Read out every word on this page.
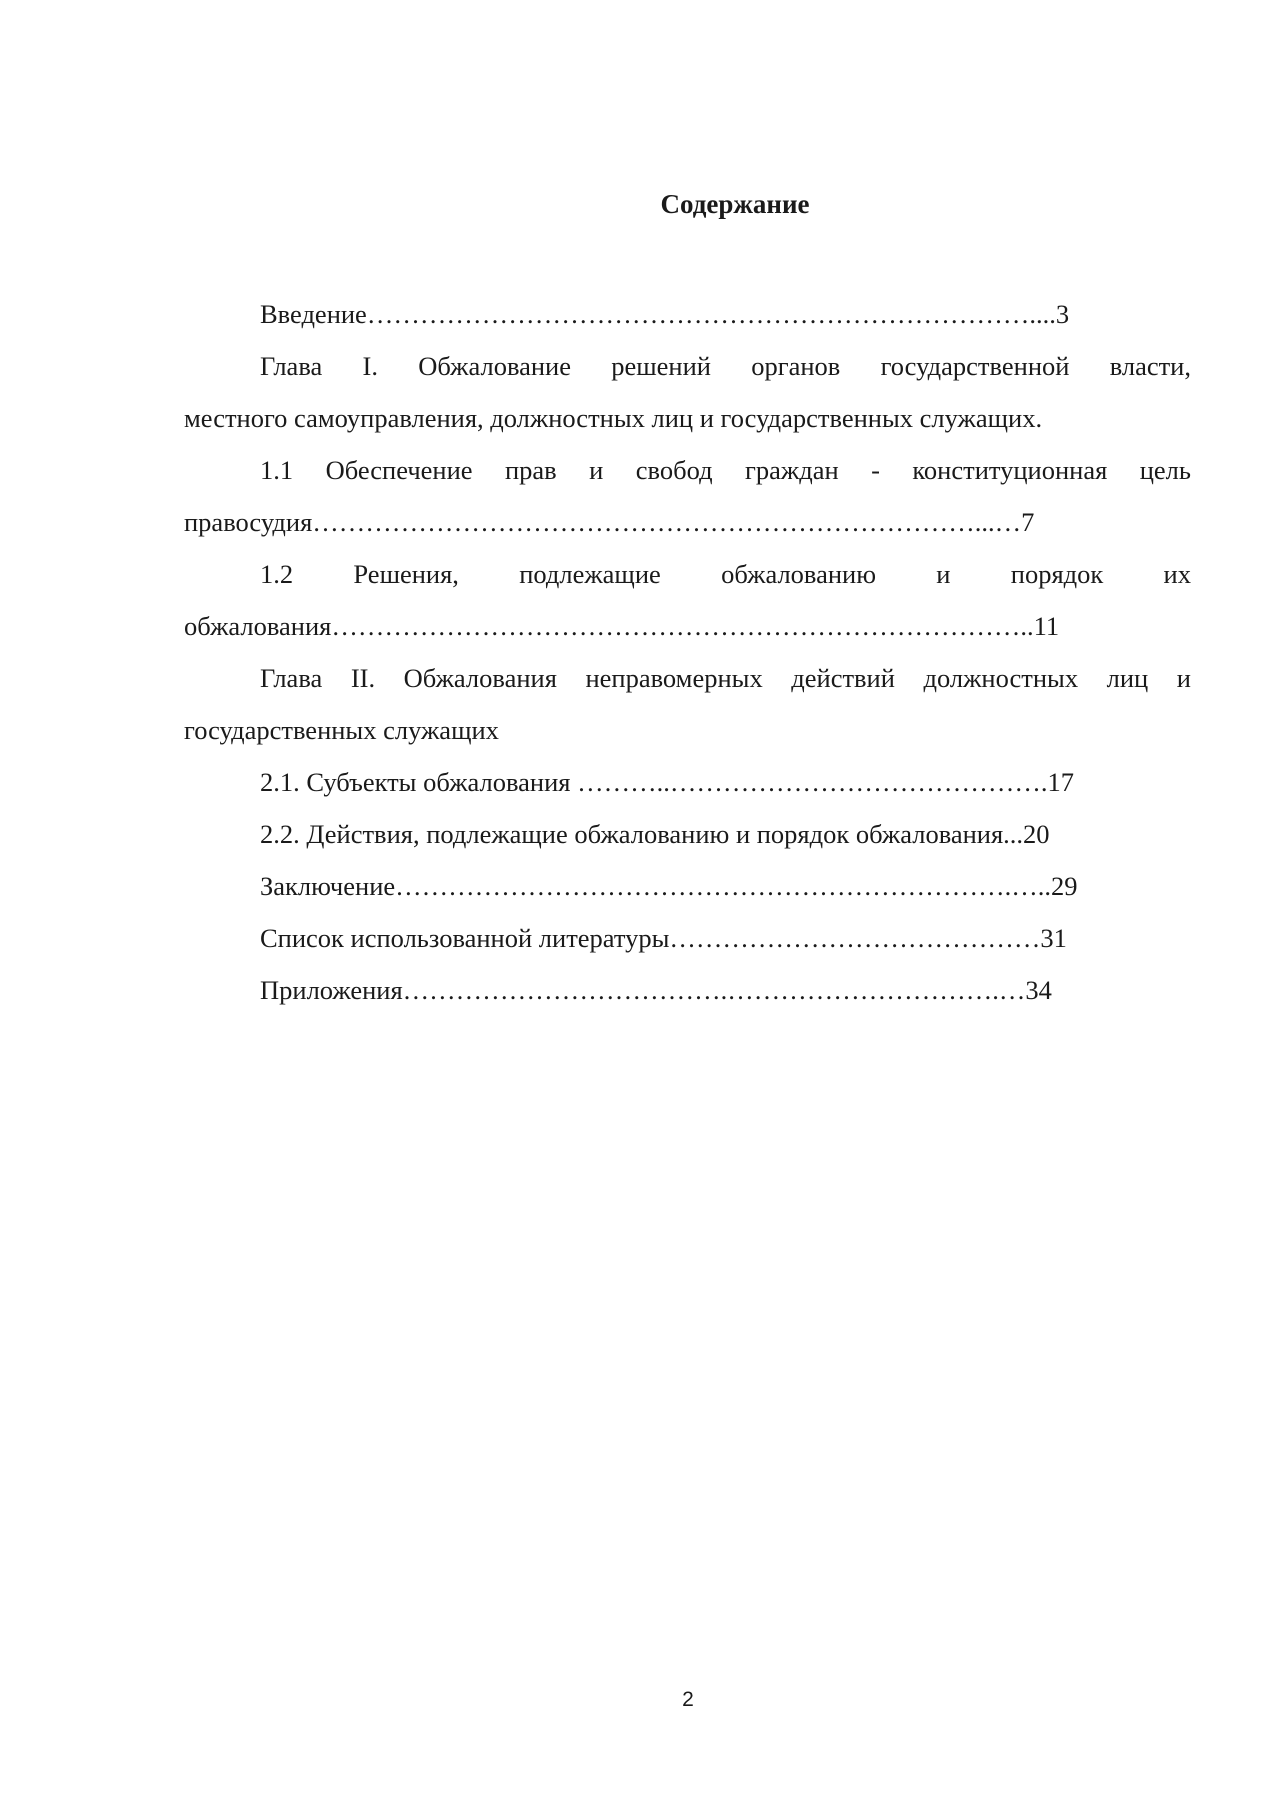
Содержание
Введение…………………………………………………………………....3
Глава I. Обжалование решений органов государственной власти,
местного самоуправления, должностных лиц и государственных служащих.
1.1 Обеспечение прав и свобод граждан - конституционная цель
правосудия…………………………………………………………………...…7
1.2 Решения, подлежащие обжалованию и порядок их
обжалования……………………………………………………………………..11
Глава II. Обжалования неправомерных действий должностных лиц и
государственных служащих
2.1. Субъекты обжалования ………..…………………………………….17
2.2. Действия, подлежащие обжалованию и порядок обжалования...20
Заключение…………………………………………………………….…..29
Список использованной литературы……………………………………31
Приложения……………………………….………………………….…34
2
